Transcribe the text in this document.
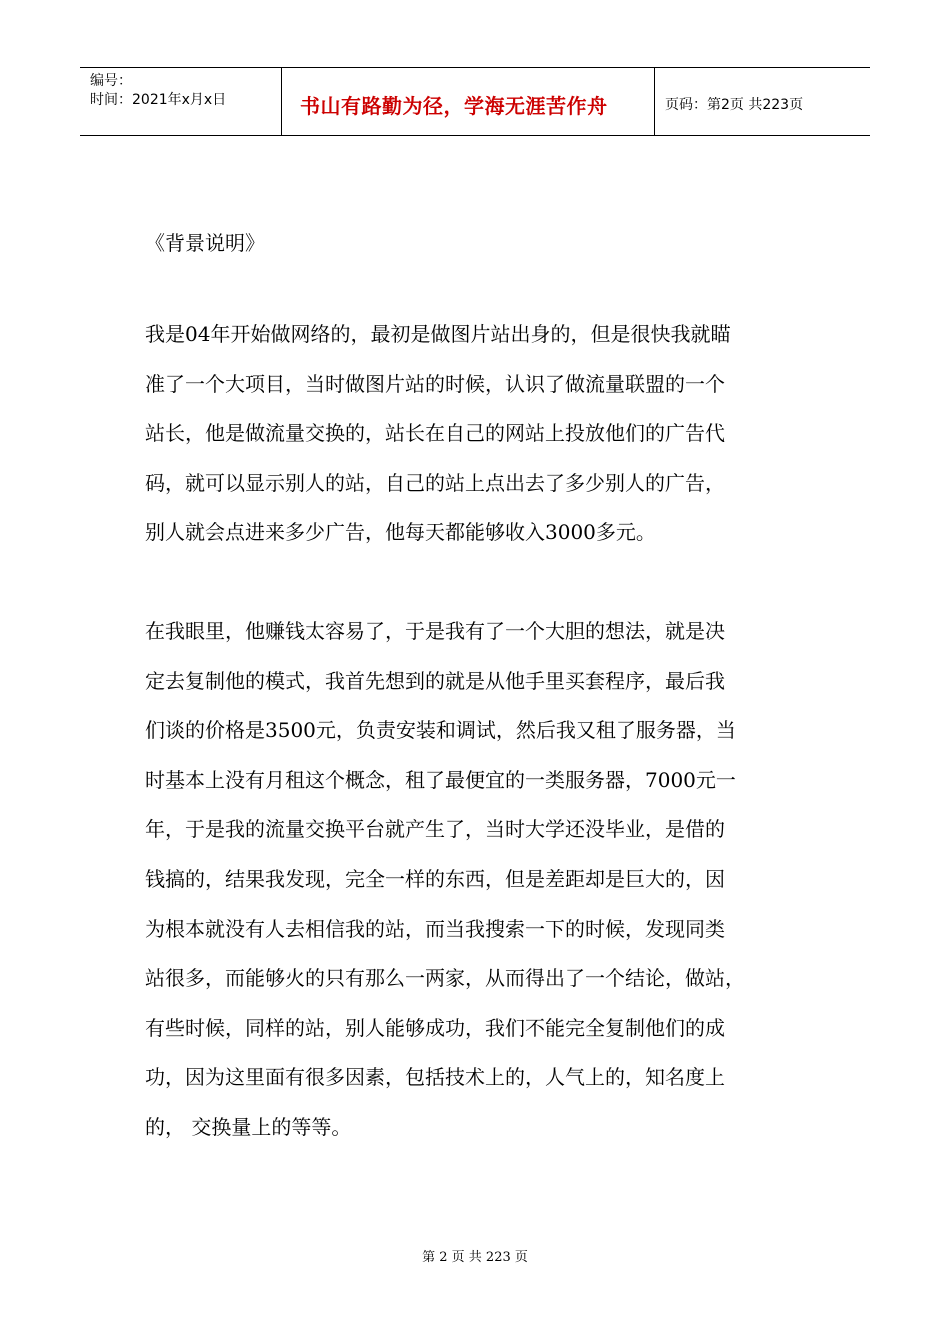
编号：
时间：2021年x月x日	书山有路勤为径，学海无涯苦作舟	页码：第2页 共223页
《背景说明》
我是04年开始做网络的，最初是做图片站出身的，但是很快我就瞄
准了一个大项目，当时做图片站的时候，认识了做流量联盟的一个
站长，他是做流量交换的，站长在自己的网站上投放他们的广告代
码，就可以显示别人的站，自己的站上点出去了多少别人的广告，
别人就会点进来多少广告，他每天都能够收入3000多元。
在我眼里，他赚钱太容易了，于是我有了一个大胆的想法，就是决
定去复制他的模式，我首先想到的就是从他手里买套程序，最后我
们谈的价格是3500元，负责安装和调试，然后我又租了服务器，当
时基本上没有月租这个概念，租了最便宜的一类服务器，7000元一
年，于是我的流量交换平台就产生了，当时大学还没毕业，是借的
钱搞的，结果我发现，完全一样的东西，但是差距却是巨大的，因
为根本就没有人去相信我的站，而当我搜索一下的时候，发现同类
站很多，而能够火的只有那么一两家，从而得出了一个结论，做站，
有些时候，同样的站，别人能够成功，我们不能完全复制他们的成
功，因为这里面有很多因素，包括技术上的，人气上的，知名度上
的， 交换量上的等等。
第 2 页 共 223 页
